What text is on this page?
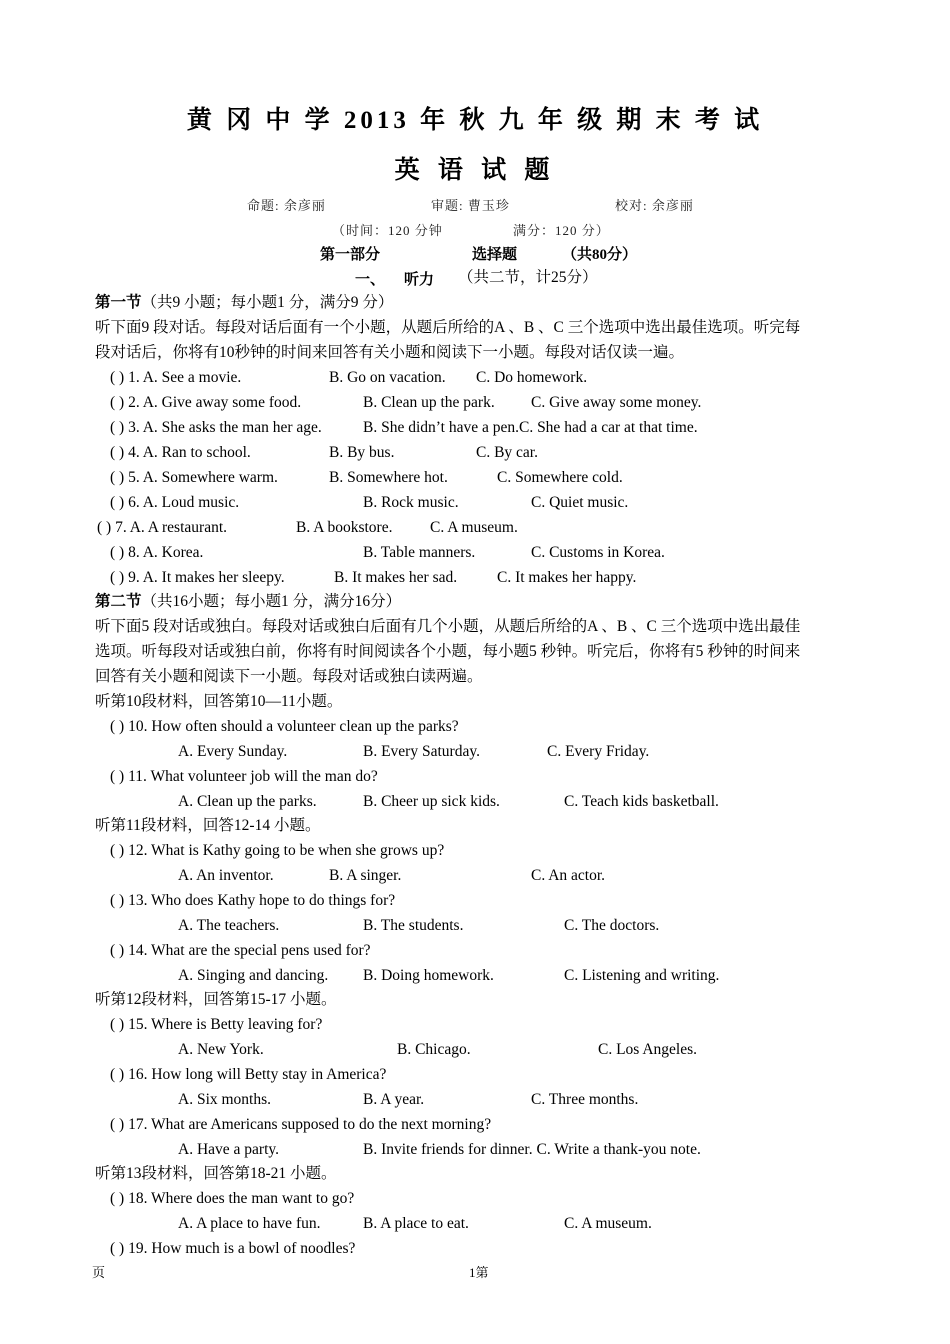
黄 冈 中 学 2013 年 秋 九 年 级 期 末 考 试
英 语 试 题
命题: 余彦丽	审题: 曹玉珍	校对: 余彦丽
（时间：120 分钟	满分：120 分）
第一部分	选择题	（共80分）
一、 听力 （共二节，计25分）
第一节（共9 小题；每小题1 分，满分9 分）
听下面9 段对话。每段对话后面有一个小题，从题后所给的A 、B 、C 三个选项中选出最佳选项。听完每
段对话后，你将有10秒钟的时间来回答有关小题和阅读下一小题。每段对话仅读一遍。
( ) 1. A. See a movie.	B. Go on vacation. C. Do homework.
( ) 2. A. Give away some food.	B. Clean up the park. C. Give away some money.
( ) 3. A. She asks the man her age.	B. She didn’t have a pen.C. She had a car at that time.
( ) 4. A. Ran to school.	B. By bus.	C. By car.
( ) 5. A. Somewhere warm.	B. Somewhere hot.	C. Somewhere cold.
( ) 6. A. Loud music.	B. Rock music.	C. Quiet music.
( ) 7. A. A restaurant.	B. A bookstore. C. A museum.
( ) 8. A. Korea.	B. Table manners.	C. Customs in Korea.
( ) 9. A. It makes her sleepy.	B. It makes her sad.	C. It makes her happy.
第二节（共16小题；每小题1 分，满分16分）
听下面5 段对话或独白。每段对话或独白后面有几个小题，从题后所给的A 、B 、C 三个选项中选出最佳
选项。听每段对话或独白前，你将有时间阅读各个小题，每小题5 秒钟。听完后，你将有5 秒钟的时间来
回答有关小题和阅读下一小题。每段对话或独白读两遍。
听第10段材料，回答第10—11小题。
( ) 10. How often should a volunteer clean up the parks?
A. Every Sunday.	B. Every Saturday.	C. Every Friday.
( ) 11. What volunteer job will the man do?
A. Clean up the parks.	B. Cheer up sick kids.	C. Teach kids basketball.
听第11段材料，回答12-14 小题。
( ) 12. What is Kathy going to be when she grows up?
A. An inventor.	B. A singer.	C. An actor.
( ) 13. Who does Kathy hope to do things for?
A. The teachers.	B. The students.	C. The doctors.
( ) 14. What are the special pens used for?
A. Singing and dancing. B. Doing homework.	C. Listening and writing.
听第12段材料，回答第15-17 小题。
( ) 15. Where is Betty leaving for?
A. New York.	B. Chicago.	C. Los Angeles.
( ) 16. How long will Betty stay in America?
A. Six months.	B. A year.	C. Three months.
( ) 17. What are Americans supposed to do the next morning?
A. Have a party.	B. Invite friends for dinner. C. Write a thank-you note.
听第13段材料，回答第18-21 小题。
( ) 18. Where does the man want to go?
A. A place to have fun.	B. A place to eat.	C. A museum.
( ) 19. How much is a bowl of noodles?
页	1第
